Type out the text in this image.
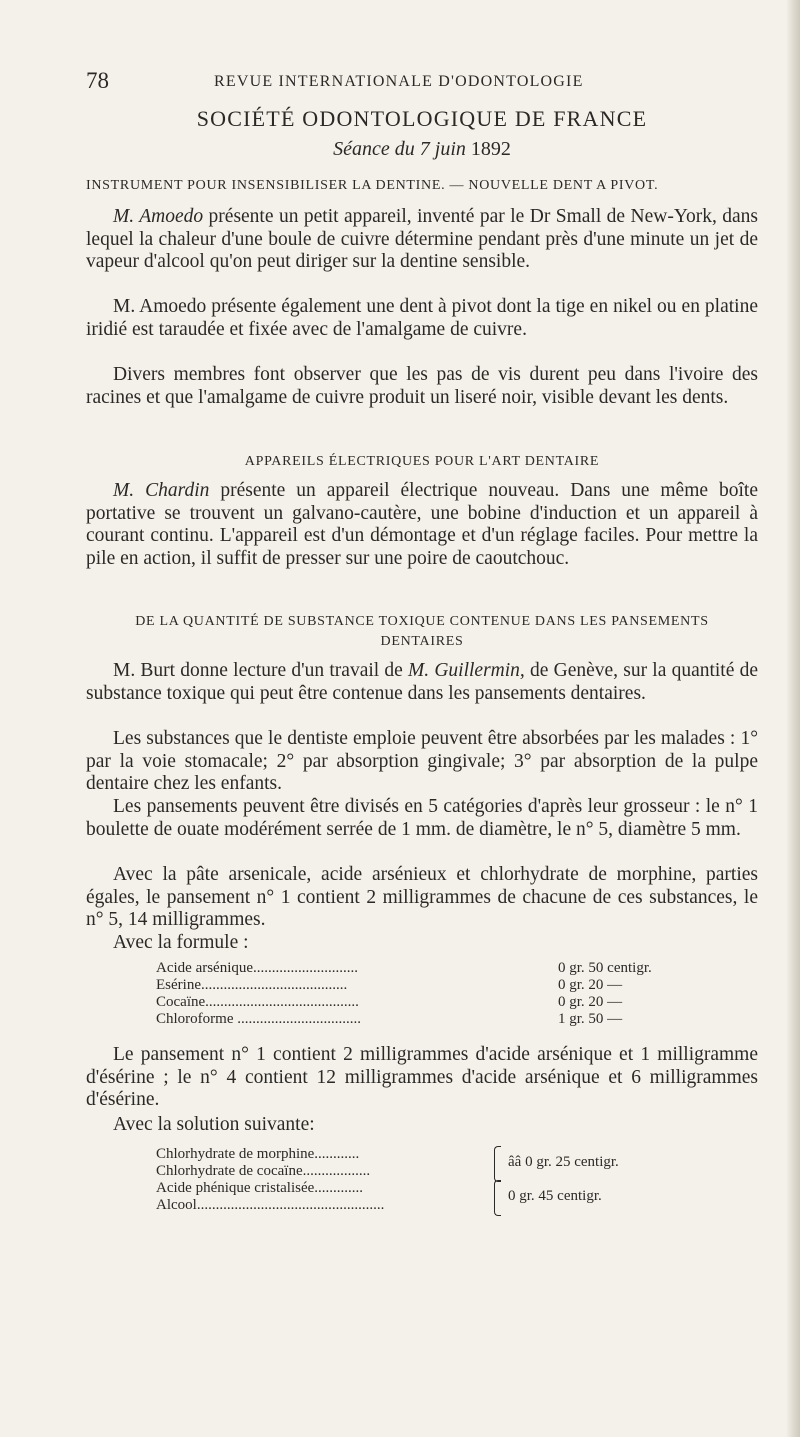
78	REVUE INTERNATIONALE D'ODONTOLOGIE
SOCIÉTÉ ODONTOLOGIQUE DE FRANCE
Séance du 7 juin 1892
INSTRUMENT POUR INSENSIBILISER LA DENTINE. — NOUVELLE DENT A PIVOT.

M. Amoedo présente un petit appareil, inventé par le Dr Small de New-York, dans lequel la chaleur d'une boule de cuivre détermine pendant près d'une minute un jet de vapeur d'alcool qu'on peut diriger sur la dentine sensible.

M. Amoedo présente également une dent à pivot dont la tige en nikel ou en platine iridié est taraudée et fixée avec de l'amalgame de cuivre.

Divers membres font observer que les pas de vis durent peu dans l'ivoire des racines et que l'amalgame de cuivre produit un liseré noir, visible devant les dents.

APPAREILS ÉLECTRIQUES POUR L'ART DENTAIRE

M. Chardin présente un appareil électrique nouveau. Dans une même boîte portative se trouvent un galvano-cautère, une bobine d'induction et un appareil à courant continu. L'appareil est d'un démontage et d'un réglage faciles. Pour mettre la pile en action, il suffit de presser sur une poire de caoutchouc.

DE LA QUANTITÉ DE SUBSTANCE TOXIQUE CONTENUE DANS LES PANSEMENTS
DENTAIRES

M. Burt donne lecture d'un travail de M. Guillermin, de Genève, sur la quantité de substance toxique qui peut être contenue dans les pansements dentaires.

Les substances que le dentiste emploie peuvent être absorbées par les malades : 1° par la voie stomacale; 2° par absorption gingivale; 3° par absorption de la pulpe dentaire chez les enfants.

Les pansements peuvent être divisés en 5 catégories d'après leur grosseur : le n° 1 boulette de ouate modérément serrée de 1 mm. de diamètre, le n° 5, diamètre 5 mm.

Avec la pâte arsenicale, acide arsénieux et chlorhydrate de morphine, parties égales, le pansement n° 1 contient 2 milligrammes de chacune de ces substances, le n° 5, 14 milligrammes.

Avec la formule :

Acide arsénique............................	0 gr. 50 centigr.
Esérine.......................................	0 gr. 20 —
Cocaïne.........................................	0 gr. 20 —
Chloroforme .................................	1 gr. 50 —

Le pansement n° 1 contient 2 milligrammes d'acide arsénique et 1 milligramme d'ésérine ; le n° 4 contient 12 milligrammes d'acide arsénique et 6 milligrammes d'ésérine.

Avec la solution suivante:

Chlorhydrate de morphine............
Chlorhydrate de cocaïne..................
ââ 0 gr. 25 centigr.
Acide phénique cristalisée.............
Alcool..................................................
0 gr. 45 centigr.
